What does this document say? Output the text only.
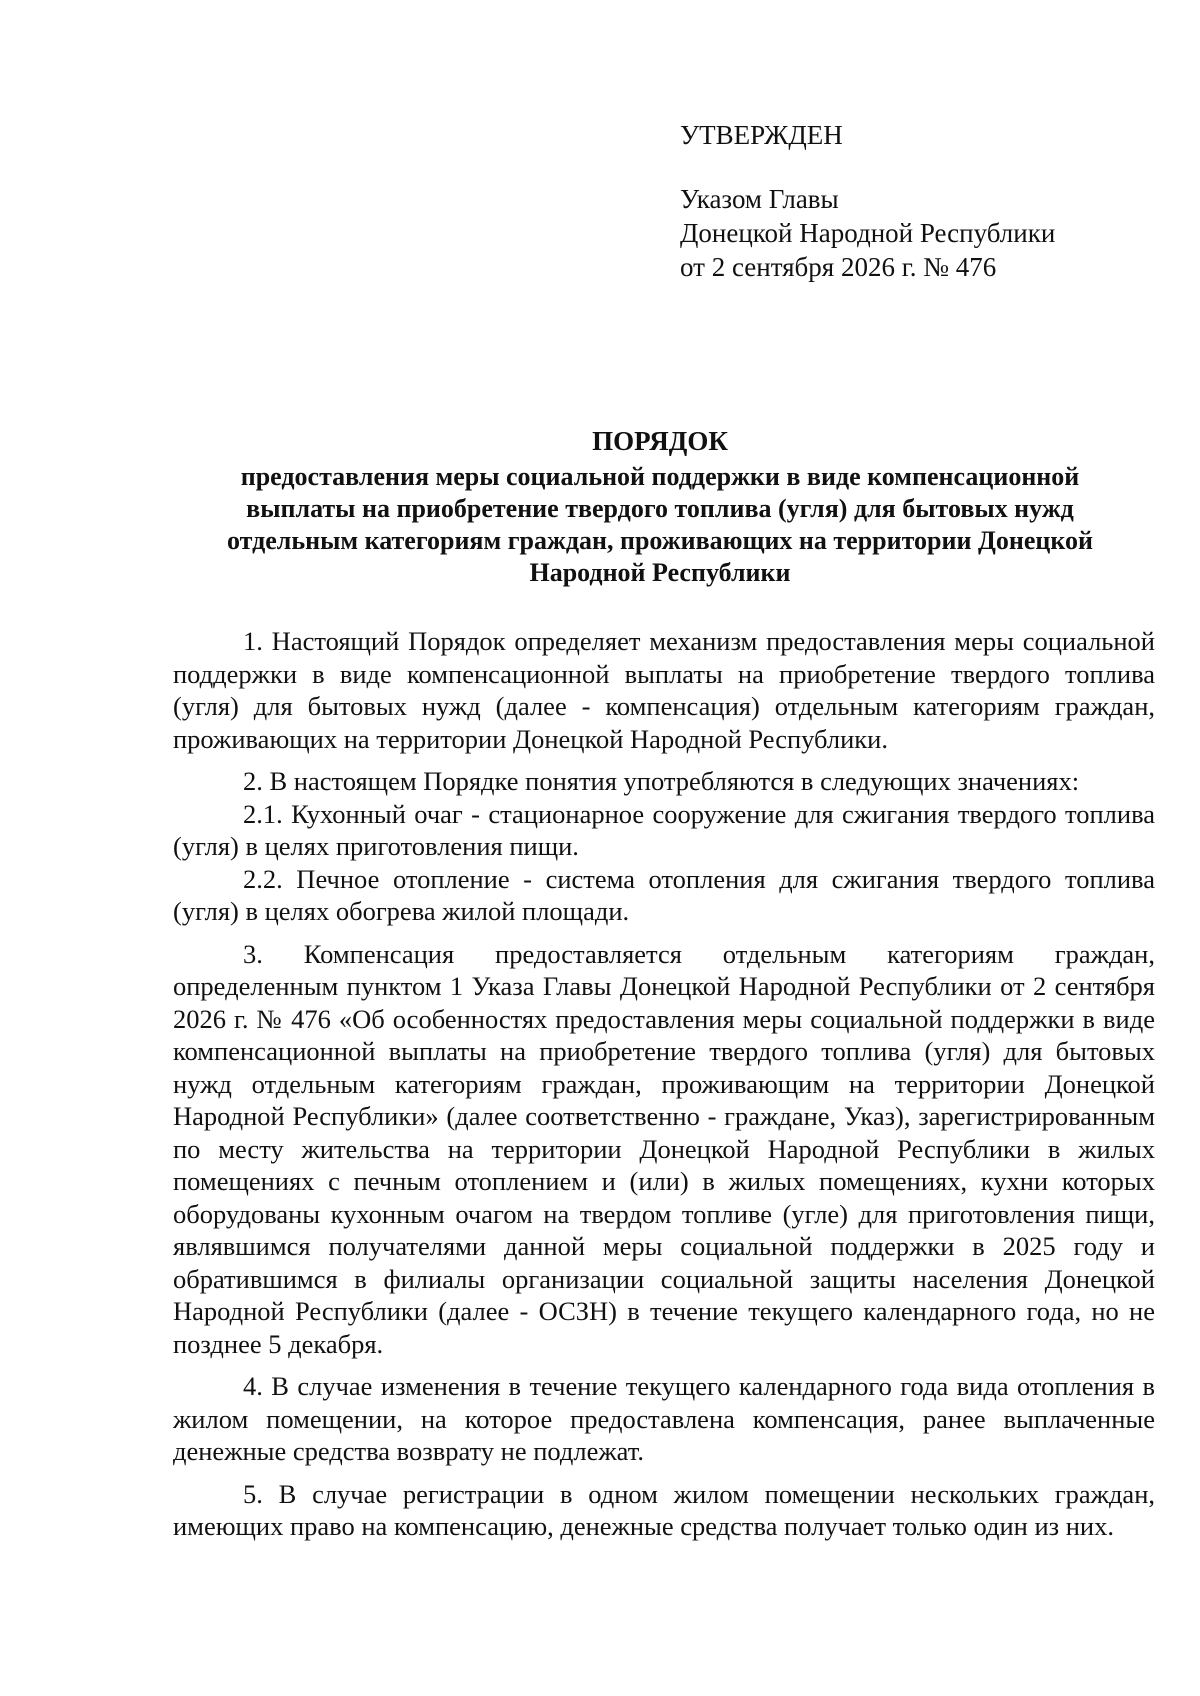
УТВЕРЖДЕН
Указом Главы
Донецкой Народной Республики
от 2 сентября 2026 г. № 476
ПОРЯДОК
предоставления меры социальной поддержки в виде компенсационной выплаты на приобретение твердого топлива (угля) для бытовых нужд отдельным категориям граждан, проживающих на территории Донецкой Народной Республики

1. Настоящий Порядок определяет механизм предоставления меры социальной поддержки в виде компенсационной выплаты на приобретение твердого топлива (угля) для бытовых нужд (далее - компенсация) отдельным категориям граждан, проживающих на территории Донецкой Народной Республики.

2. В настоящем Порядке понятия употребляются в следующих значениях:

2.1. Кухонный очаг - стационарное сооружение для сжигания твердого топлива (угля) в целях приготовления пищи.

2.2. Печное отопление - система отопления для сжигания твердого топлива (угля) в целях обогрева жилой площади.

3. Компенсация предоставляется отдельным категориям граждан, определенным пунктом 1 Указа Главы Донецкой Народной Республики от 2 сентября 2026 г. № 476 «Об особенностях предоставления меры социальной поддержки в виде компенсационной выплаты на приобретение твердого топлива (угля) для бытовых нужд отдельным категориям граждан, проживающим на территории Донецкой Народной Республики» (далее соответственно - граждане, Указ), зарегистрированным по месту жительства на территории Донецкой Народной Республики в жилых помещениях с печным отоплением и (или) в жилых помещениях, кухни которых оборудованы кухонным очагом на твердом топливе (угле) для приготовления пищи, являвшимся получателями данной меры социальной поддержки в 2025 году и обратившимся в филиалы организации социальной защиты населения Донецкой Народной Республики (далее - ОСЗН) в течение текущего календарного года, но не позднее 5 декабря.

4. В случае изменения в течение текущего календарного года вида отопления в жилом помещении, на которое предоставлена компенсация, ранее выплаченные денежные средства возврату не подлежат.

5. В случае регистрации в одном жилом помещении нескольких граждан, имеющих право на компенсацию, денежные средства получает только один из них.
